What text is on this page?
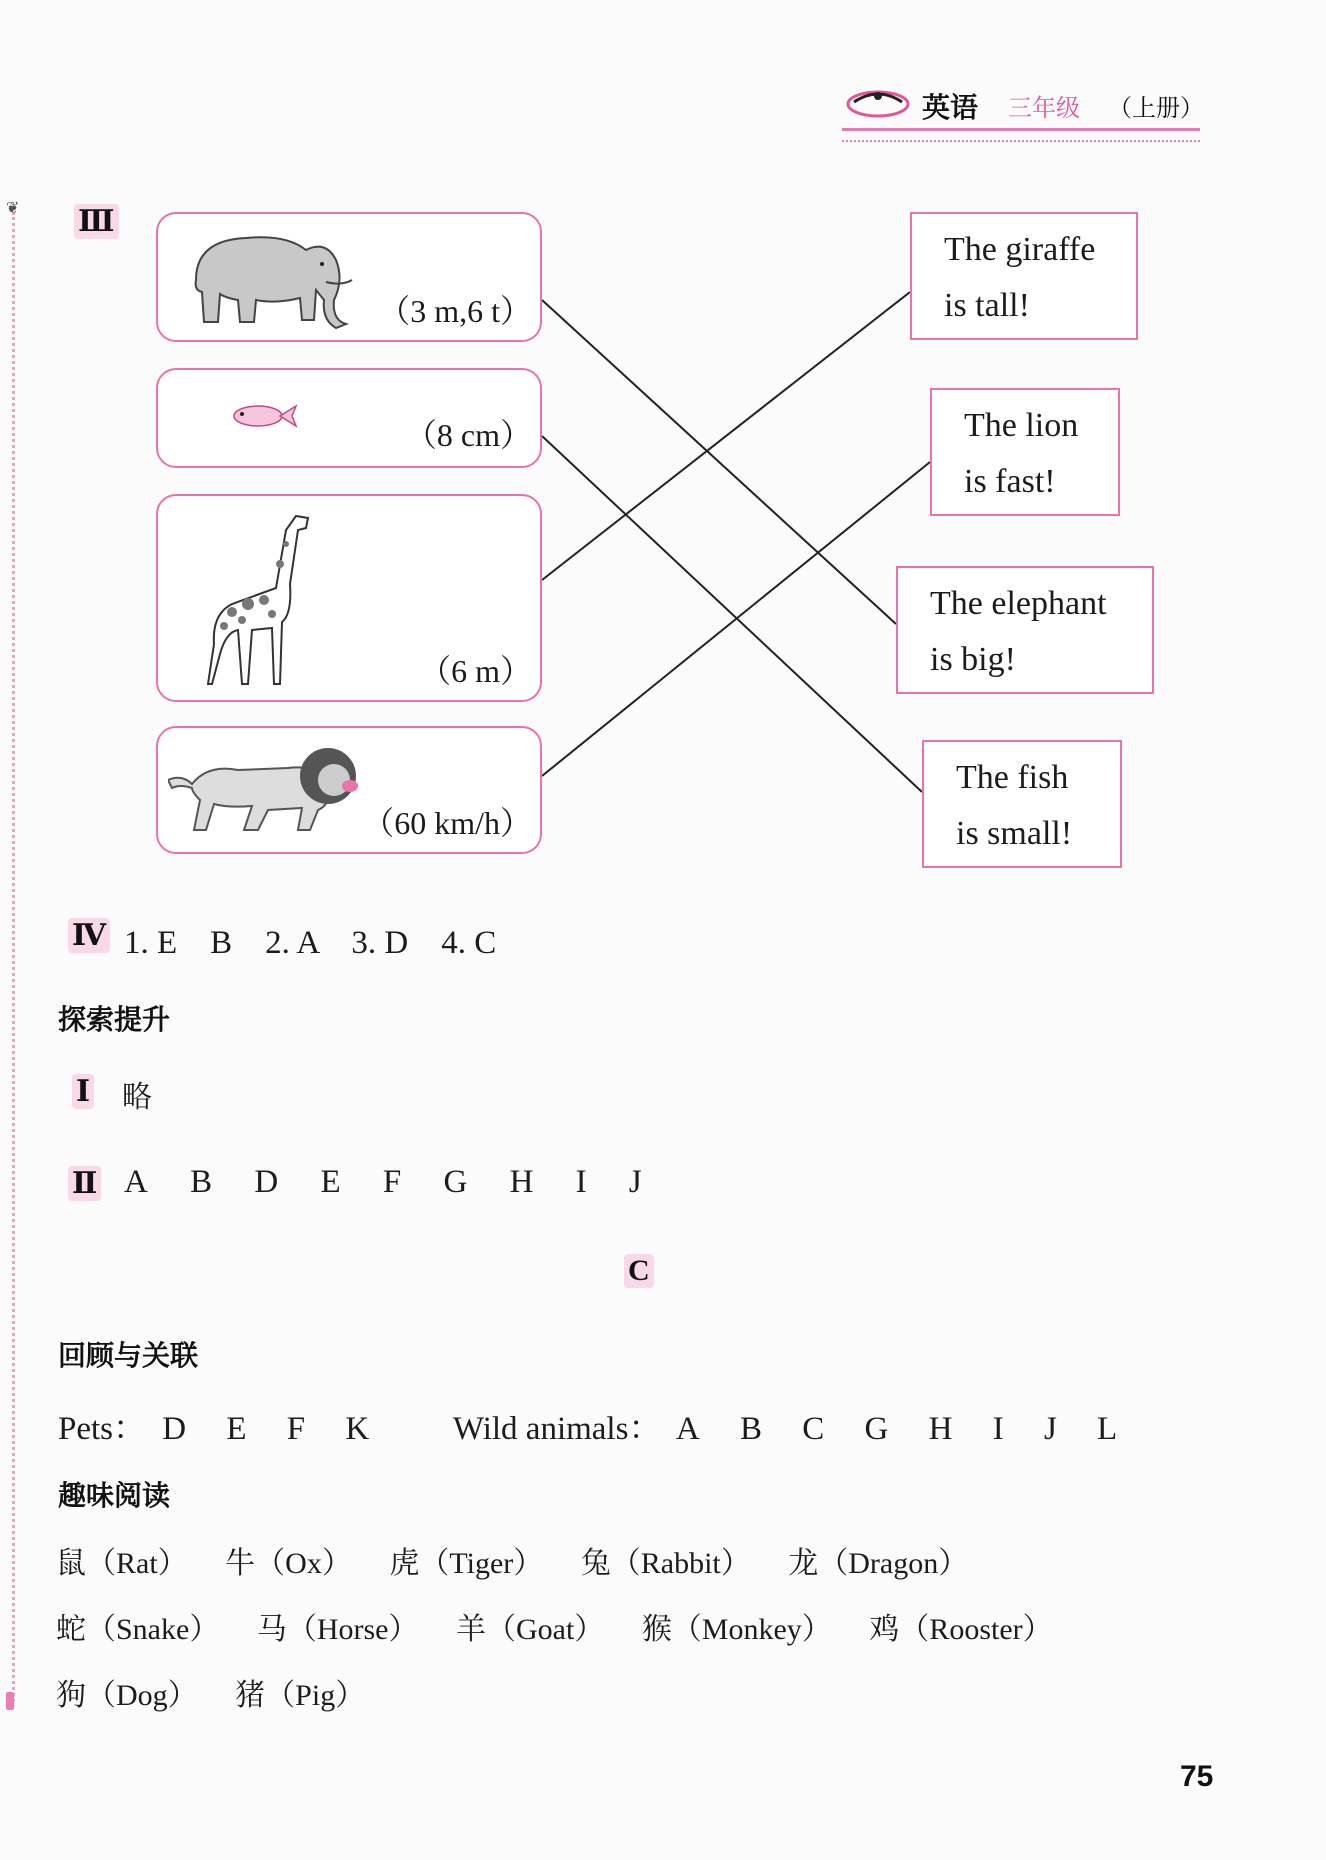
英语 三年级 （上册）
❦ Ⅲ
（3 m,6 t）
（8 cm）
（6 m）
（60 km/h）
The giraffe
is tall!
The lion
is fast!
The elephant
is big!
The fish
is small!
Ⅳ 1. E　B　2. A　3. D　4. C
探索提升
Ⅰ 略
Ⅱ A B D E F G H I J
C
回顾与关联
Pets： D E F K	Wild animals： A B C G H I J L
趣味阅读
鼠（Rat） 牛（Ox） 虎（Tiger） 兔（Rabbit） 龙（Dragon）
蛇（Snake） 马（Horse） 羊（Goat） 猴（Monkey） 鸡（Rooster）
狗（Dog） 猪（Pig）
75
